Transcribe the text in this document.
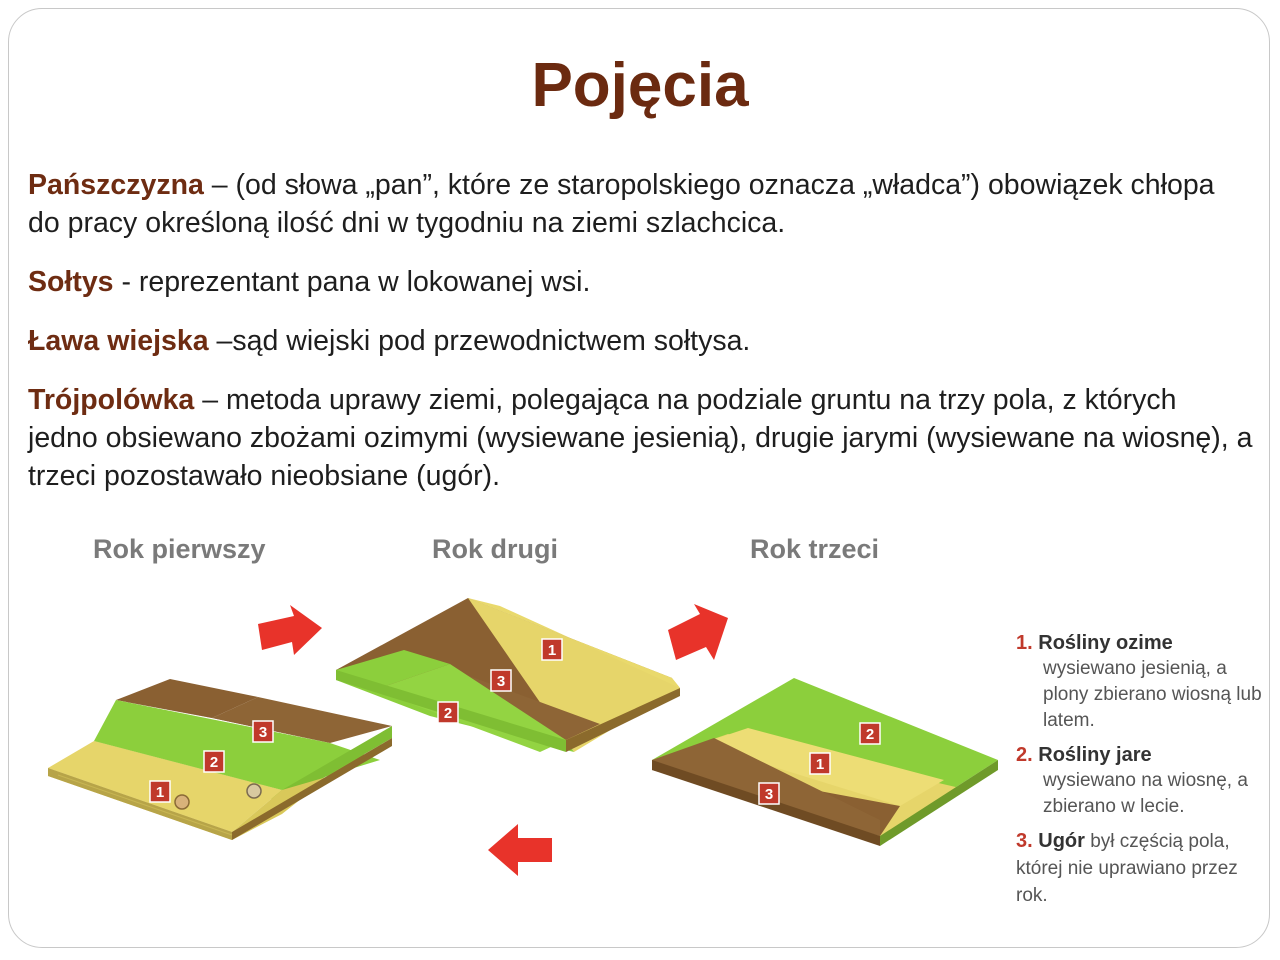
Pojęcia

Pańszczyzna – (od słowa „pan”, które ze staropolskiego oznacza „władca”) obowiązek chłopa do pracy określoną ilość dni w tygodniu na ziemi szlachcica.

Sołtys - reprezentant pana w lokowanej wsi.

Ława wiejska –sąd wiejski pod przewodnictwem sołtysa.

Trójpolówka – metoda uprawy ziemi, polegająca na podziale gruntu na trzy pola, z których jedno obsiewano zbożami ozimymi (wysiewane jesienią), drugie jarymi (wysiewane na wiosnę), a trzeci pozostawało nieobsiane (ugór).

Rok pierwszy	Rok drugi	Rok trzeci
1
2
3
1
3
2
2
1
3
1. Rośliny ozime
wysiewano jesienią, a plony zbierano wiosną lub latem.
2. Rośliny jare
wysiewano na wiosnę, a zbierano w lecie.
3. Ugór był częścią pola, której nie uprawiano przez rok.
